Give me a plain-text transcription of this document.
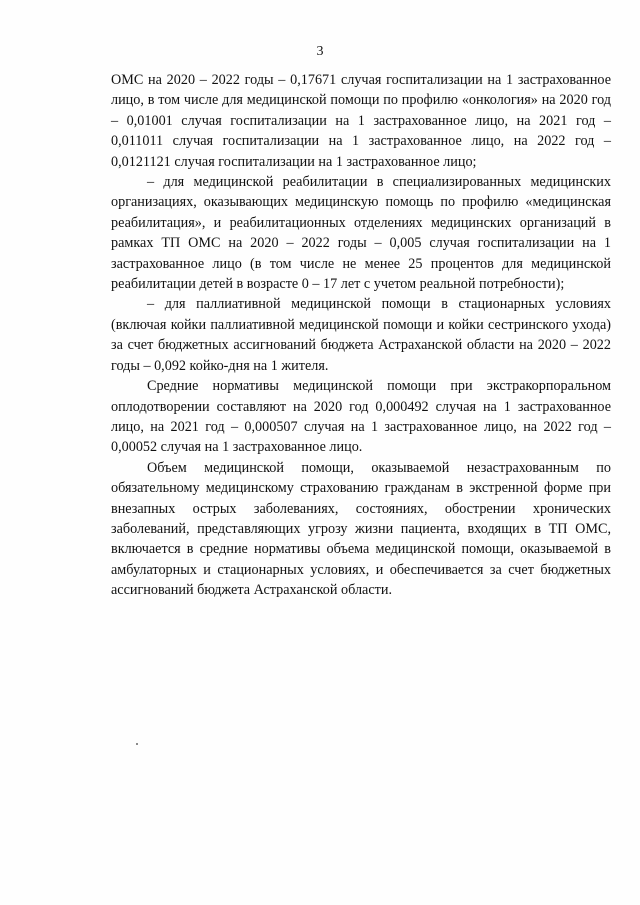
3

ОМС на 2020 – 2022 годы – 0,17671 случая госпитализации на 1 застрахованное лицо, в том числе для медицинской помощи по профилю «онкология» на 2020 год – 0,01001 случая госпитализации на 1 застрахованное лицо, на 2021 год – 0,011011 случая госпитализации на 1 застрахованное лицо, на 2022 год – 0,0121121 случая госпитализации на 1 застрахованное лицо;

– для медицинской реабилитации в специализированных медицинских организациях, оказывающих медицинскую помощь по профилю «медицинская реабилитация», и реабилитационных отделениях медицинских организаций в рамках ТП ОМС на 2020 – 2022 годы – 0,005 случая госпитализации на 1 застрахованное лицо (в том числе не менее 25 процентов для медицинской реабилитации детей в возрасте 0 – 17 лет с учетом реальной потребности);

– для паллиативной медицинской помощи в стационарных условиях (включая койки паллиативной медицинской помощи и койки сестринского ухода) за счет бюджетных ассигнований бюджета Астраханской области на 2020 – 2022 годы – 0,092 койко-дня на 1 жителя.

Средние нормативы медицинской помощи при экстракорпоральном оплодотворении составляют на 2020 год 0,000492 случая на 1 застрахованное лицо, на 2021 год – 0,000507 случая на 1 застрахованное лицо, на 2022 год – 0,00052 случая на 1 застрахованное лицо.

Объем медицинской помощи, оказываемой незастрахованным по обязательному медицинскому страхованию гражданам в экстренной форме при внезапных острых заболеваниях, состояниях, обострении хронических заболеваний, представляющих угрозу жизни пациента, входящих в ТП ОМС, включается в средние нормативы объема медицинской помощи, оказываемой в амбулаторных и стационарных условиях, и обеспечивается за счет бюджетных ассигнований бюджета Астраханской области.
